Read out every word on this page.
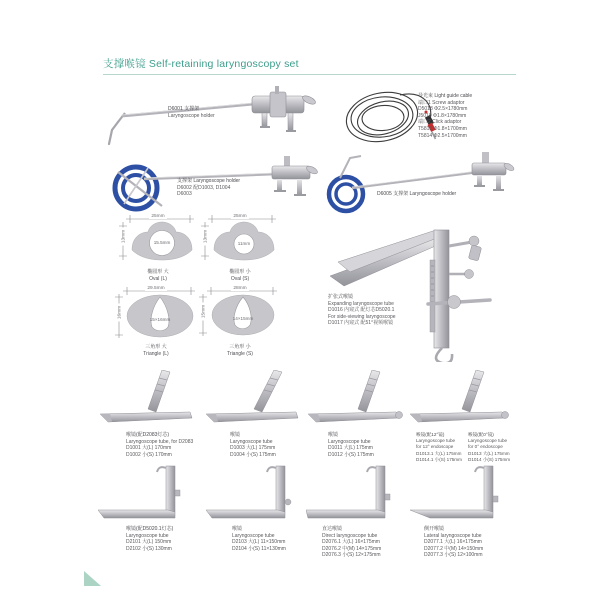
支撑喉镜 Self-retaining laryngoscopy set
D6001 支撑架
Laryngoscope holder
导光束 Light guide cable
端口1 Screw adaptor
D5018 Φ2.5×1780mm
J5010 Φ1.8×1780mm
端口2 Click adaptor
T5813 Φ1.8×1700mm
T5814 Φ2.5×1700mm
支撑架 Laryngoscope holder
D6002 配D1003, D1004
D6003	D6005 支撑架 Laryngoscope holder
25mm
13mm	15.5mm
椭圆形 大
Oval (L)
25mm
13mm
11mm
椭圆形 小
Oval (S)
29.5mm
16mm
15×16mm
三角形 大
Triangle (L)
28mm
15mm
14×15mm
三角形 小
Triangle (S)
扩张式喉镜
Expanding laryngoscope tube
D1016 内窥式 配灯芯D5020.1
For side-viewing laryngoscope
D1017 内窥式 配51°视频喉镜
喉镜(配D2083灯芯)
Laryngoscope tube, for D2083
D1001 大(L) 170mm
D1002 小(S) 170mm
喉镜
Laryngoscope tube
D1003 大(L) 175mm
D1004 小(S) 175mm
喉镜
Laryngoscope tube
D1011 大(L) 175mm
D1012 小(S) 175mm
喉镜(配12°镜)
Laryngoscope tube
for 12° endoscope
D1013.1 大(L) 175mm
D1014.1 小(S) 175mm
喉镜(配0°镜)
Laryngoscope tube
for 0° endoscope
D1013 大(L) 175mm
D1014 小(S) 175mm
喉镜(配D5020.1灯芯)
Laryngoscope tube
D2101 大(L) 150mm
D2102 小(S) 130mm
喉镜
Laryngoscope tube
D2103 大(L) 11×150mm
D2104 小(S) 11×130mm
直达喉镜
Direct laryngoscope tube
D2076.1 大(L) 16×175mm
D2076.2 中(M) 14×175mm
D2076.3 小(S) 12×175mm
侧开喉镜
Lateral laryngoscope tube
D2077.1 大(L) 16×175mm
D2077.2 中(M) 14×150mm
D2077.3 小(S) 12×100mm
